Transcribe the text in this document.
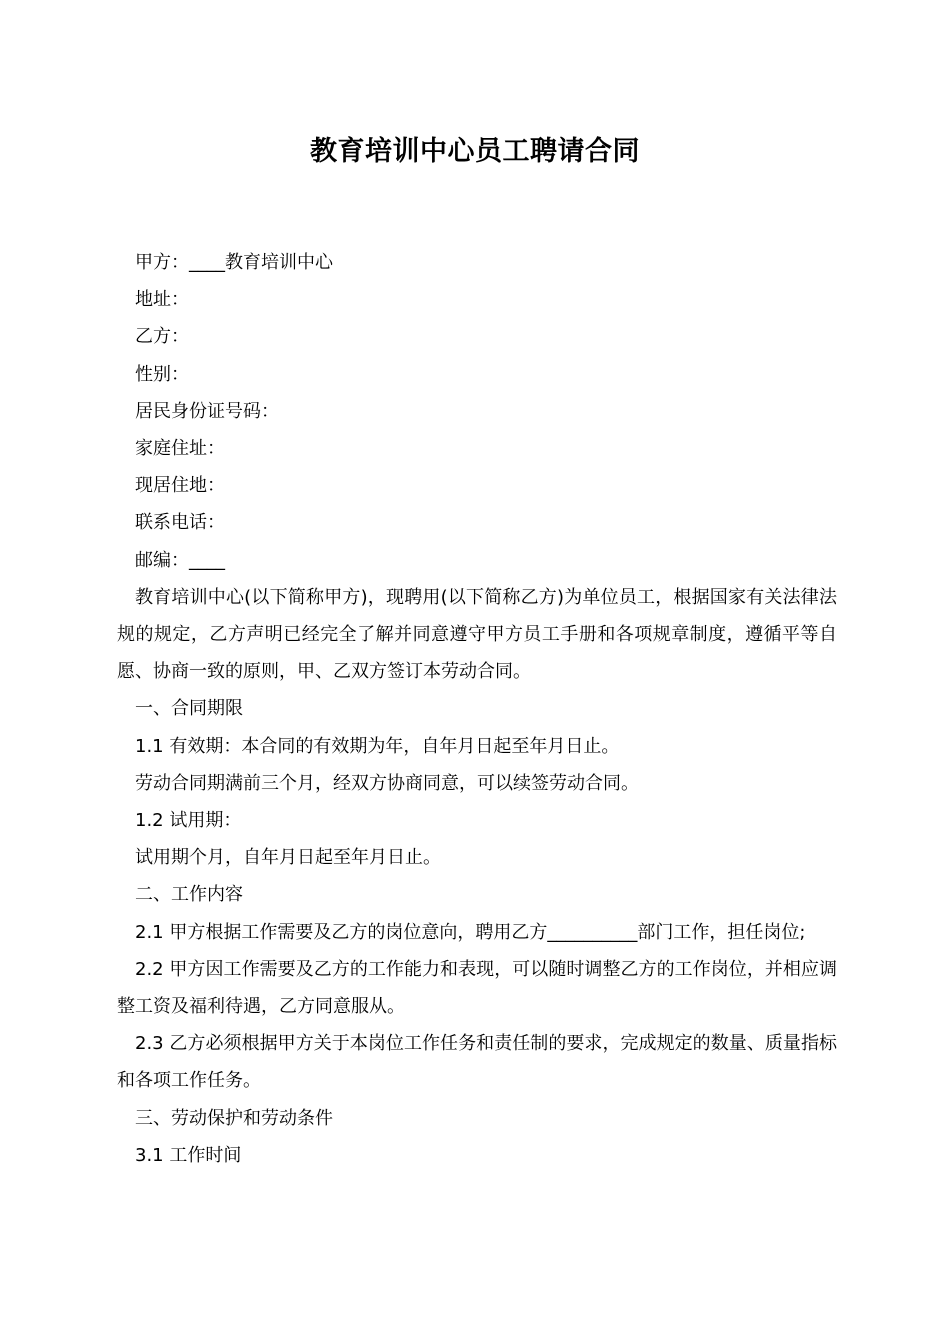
教育培训中心员工聘请合同

甲方：____教育培训中心

地址：

乙方：

性别：

居民身份证号码：

家庭住址：

现居住地：

联系电话：

邮编：____

教育培训中心(以下简称甲方)，现聘用(以下简称乙方)为单位员工，根据国家有关法律法规的规定，乙方声明已经完全了解并同意遵守甲方员工手册和各项规章制度，遵循平等自愿、协商一致的原则，甲、乙双方签订本劳动合同。

一、合同期限

1.1 有效期：本合同的有效期为年，自年月日起至年月日止。

劳动合同期满前三个月，经双方协商同意，可以续签劳动合同。

1.2 试用期：

试用期个月，自年月日起至年月日止。

二、工作内容

2.1 甲方根据工作需要及乙方的岗位意向，聘用乙方__________部门工作，担任岗位;

2.2 甲方因工作需要及乙方的工作能力和表现，可以随时调整乙方的工作岗位，并相应调整工资及福利待遇，乙方同意服从。

2.3 乙方必须根据甲方关于本岗位工作任务和责任制的要求，完成规定的数量、质量指标和各项工作任务。

三、劳动保护和劳动条件

3.1 工作时间
